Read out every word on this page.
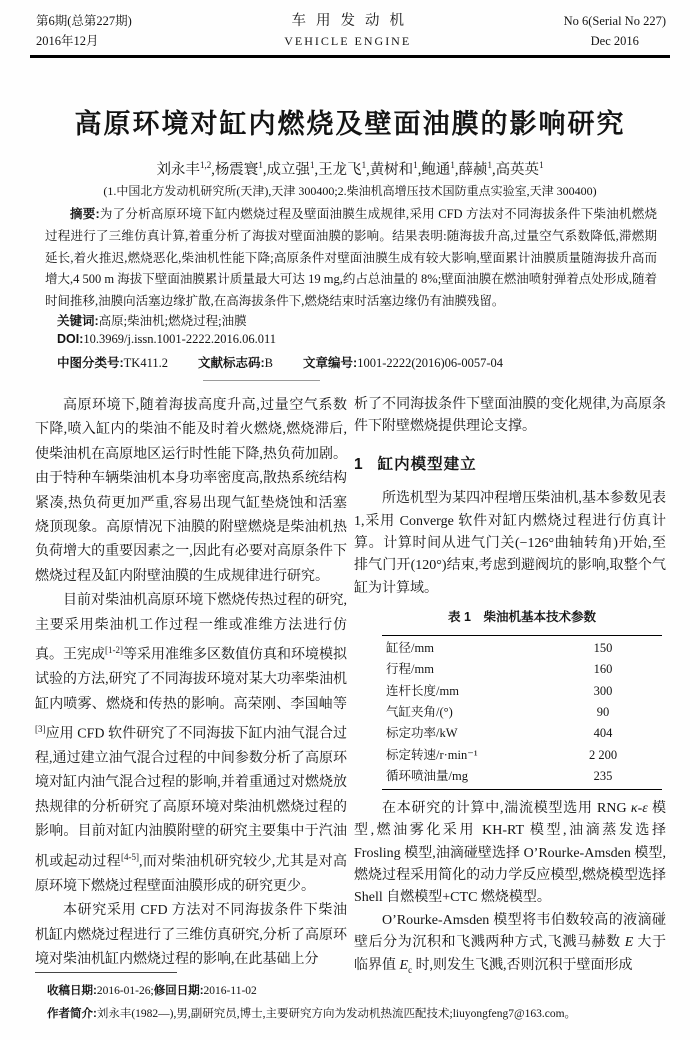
第6期(总第227期)
2016年12月
车用发动机
VEHICLE ENGINE
No 6(Serial No 227)
Dec 2016
高原环境对缸内燃烧及壁面油膜的影响研究
刘永丰$^{1,2}$,杨震寰$^1$,成立强$^1$,王龙飞$^1$,黄树和$^1$,鲍通$^1$,薛赪$^1$,高英英$^1$
(1.中国北方发动机研究所(天津),天津 300400;2.柴油机高增压技术国防重点实验室,天津 300400)
摘要:为了分析高原环境下缸内燃烧过程及壁面油膜生成规律,采用 CFD 方法对不同海拔条件下柴油机燃烧过程进行了三维仿真计算,着重分析了海拔对壁面油膜的影响。结果表明:随海拔升高,过量空气系数降低,滞燃期延长,着火推迟,燃烧恶化,柴油机性能下降;高原条件对壁面油膜生成有较大影响,壁面累计油膜质量随海拔升高而增大,4 500 m 海拔下壁面油膜累计质量最大可达 19 mg,约占总油量的 8%;壁面油膜在燃油喷射弹着点处形成,随着时间推移,油膜向活塞边缘扩散,在高海拔条件下,燃烧结束时活塞边缘仍有油膜残留。
关键词:高原;柴油机;燃烧过程;油膜
DOI:10.3969/j.issn.1001-2222.2016.06.011
中图分类号:TK411.2 文献标志码:B 文章编号:1001-2222(2016)06-0057-04

高原环境下,随着海拔高度升高,过量空气系数下降,喷入缸内的柴油不能及时着火燃烧,燃烧滞后,使柴油机在高原地区运行时性能下降,热负荷加剧。由于特种车辆柴油机本身功率密度高,散热系统结构紧凑,热负荷更加严重,容易出现气缸垫烧蚀和活塞烧顶现象。高原情况下油膜的附壁燃烧是柴油机热负荷增大的重要因素之一,因此有必要对高原条件下燃烧过程及缸内附壁油膜的生成规律进行研究。

目前对柴油机高原环境下燃烧传热过程的研究,主要采用柴油机工作过程一维或准维方法进行仿真。王宪成[1-2]等采用准维多区数值仿真和环境模拟试验的方法,研究了不同海拔环境对某大功率柴油机缸内喷雾、燃烧和传热的影响。高荣刚、李国岫等[3]应用 CFD 软件研究了不同海拔下缸内油气混合过程,通过建立油气混合过程的中间参数分析了高原环境对缸内油气混合过程的影响,并着重通过对燃烧放热规律的分析研究了高原环境对柴油机燃烧过程的影响。目前对缸内油膜附壁的研究主要集中于汽油机或起动过程[4-5],而对柴油机研究较少,尤其是对高原环境下燃烧过程壁面油膜形成的研究更少。

本研究采用 CFD 方法对不同海拔条件下柴油机缸内燃烧过程进行了三维仿真研究,分析了高原环境对柴油机缸内燃烧过程的影响,在此基础上分

析了不同海拔条件下壁面油膜的变化规律,为高原条件下附壁燃烧提供理论支撑。

1 缸内模型建立

所选机型为某四冲程增压柴油机,基本参数见表 1,采用 Converge 软件对缸内燃烧过程进行仿真计算。计算时间从进气门关(−126°曲轴转角)开始,至排气门开(120°)结束,考虑到避阀坑的影响,取整个气缸为计算域。

表 1　柴油机基本技术参数
缸径/mm	150
行程/mm	160
连杆长度/mm	300
气缸夹角/(°)	90
标定功率/kW	404
标定转速/r·min⁻¹	2 200
循环喷油量/mg	235

在本研究的计算中,湍流模型选用 RNG κ-ε 模型,燃油雾化采用 KH-RT 模型,油滴蒸发选择 Frosling 模型,油滴碰壁选择 O’Rourke-Amsden 模型,燃烧过程采用简化的动力学反应模型,燃烧模型选择 Shell 自燃模型+CTC 燃烧模型。

O’Rourke-Amsden 模型将韦伯数较高的液滴碰壁后分为沉积和飞溅两种方式,飞溅马赫数 E 大于临界值 $E_c$ 时,则发生飞溅,否则沉积于壁面形成

收稿日期:2016-01-26;修回日期:2016-11-02
作者简介:刘永丰(1982—),男,副研究员,博士,主要研究方向为发动机热流匹配技术;liuyongfeng7@163.com。
